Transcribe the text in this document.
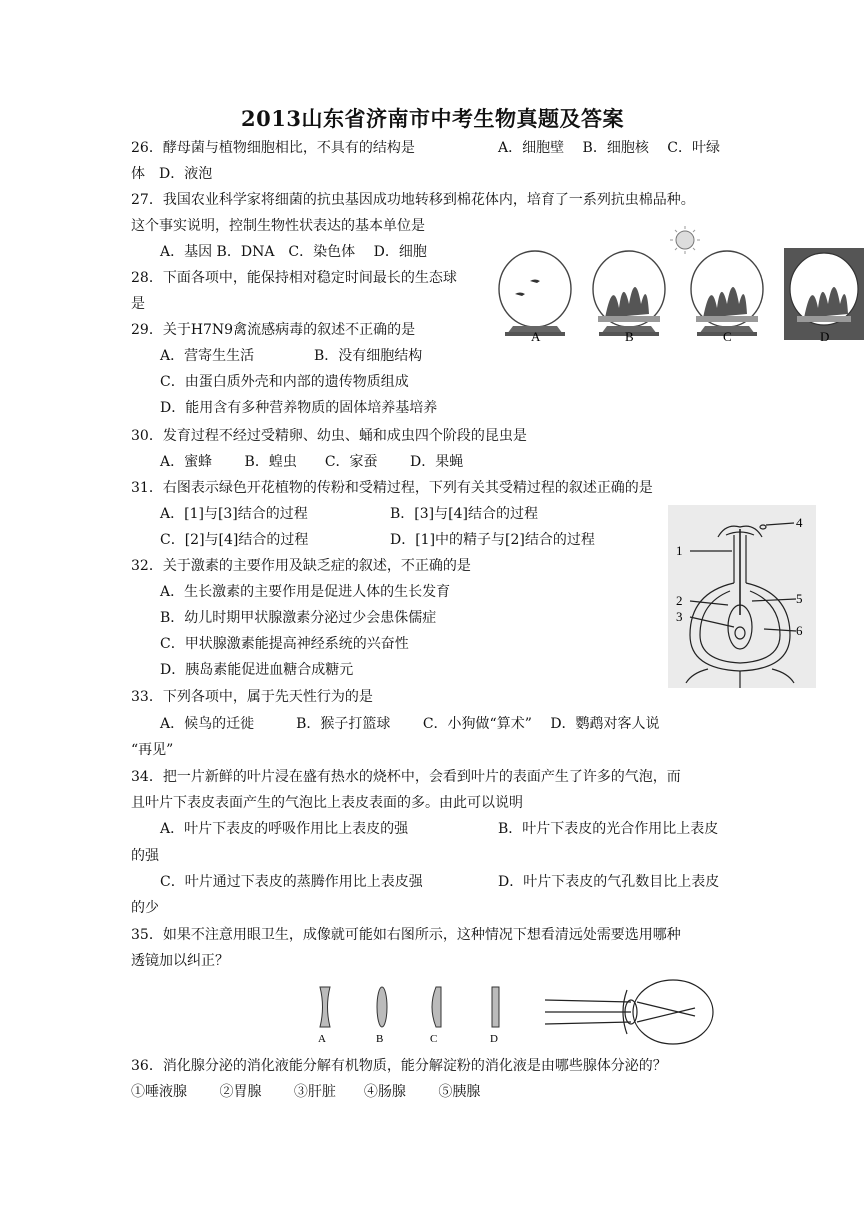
2013山东省济南市中考生物真题及答案
26．酵母菌与植物细胞相比，不具有的结构是	A．细胞壁　 B．细胞核　 C．叶绿
体　D．液泡
27．我国农业科学家将细菌的抗虫基因成功地转移到棉花体内，培育了一系列抗虫棉品种。
这个事实说明，控制生物性状表达的基本单位是
A．基因 B．DNA　C．染色体　 D．细胞
28．下面各项中，能保持相对稳定时间最长的生态球
是
A	B	C	D
29．关于H7N9禽流感病毒的叙述不正确的是
A．营寄生生活	B．没有细胞结构
C．由蛋白质外壳和内部的遗传物质组成
D．能用含有多种营养物质的固体培养基培养
30．发育过程不经过受精卵、幼虫、蛹和成虫四个阶段的昆虫是
A．蜜蜂　　 B．蝗虫　　C．家蚕　　 D．果蝇
31．右图表示绿色开花植物的传粉和受精过程，下列有关其受精过程的叙述正确的是
A．[1]与[3]结合的过程	B．[3]与[4]结合的过程
C．[2]与[4]结合的过程	D．[1]中的精子与[2]结合的过程
4
1
2
3
5
6
32．关于激素的主要作用及缺乏症的叙述，不正确的是
A．生长激素的主要作用是促进人体的生长发育
B．幼儿时期甲状腺激素分泌过少会患侏儒症
C．甲状腺激素能提高神经系统的兴奋性
D．胰岛素能促进血糖合成糖元
33．下列各项中，属于先天性行为的是
A．候鸟的迁徙　　　B．猴子打篮球　　 C．小狗做“算术”　 D．鹦鹉对客人说
“再见”
34．把一片新鲜的叶片浸在盛有热水的烧杯中，会看到叶片的表面产生了许多的气泡，而
且叶片下表皮表面产生的气泡比上表皮表面的多。由此可以说明
A．叶片下表皮的呼吸作用比上表皮的强	B．叶片下表皮的光合作用比上表皮
的强
C．叶片通过下表皮的蒸腾作用比上表皮强	D．叶片下表皮的气孔数目比上表皮
的少
35．如果不注意用眼卫生，成像就可能如右图所示，这种情况下想看清远处需要选用哪种
透镜加以纠正？
A	B	C	D
36．消化腺分泌的消化液能分解有机物质，能分解淀粉的消化液是由哪些腺体分泌的？
①唾液腺　　 ②胃腺　　 ③肝脏　　④肠腺　　 ⑤胰腺
